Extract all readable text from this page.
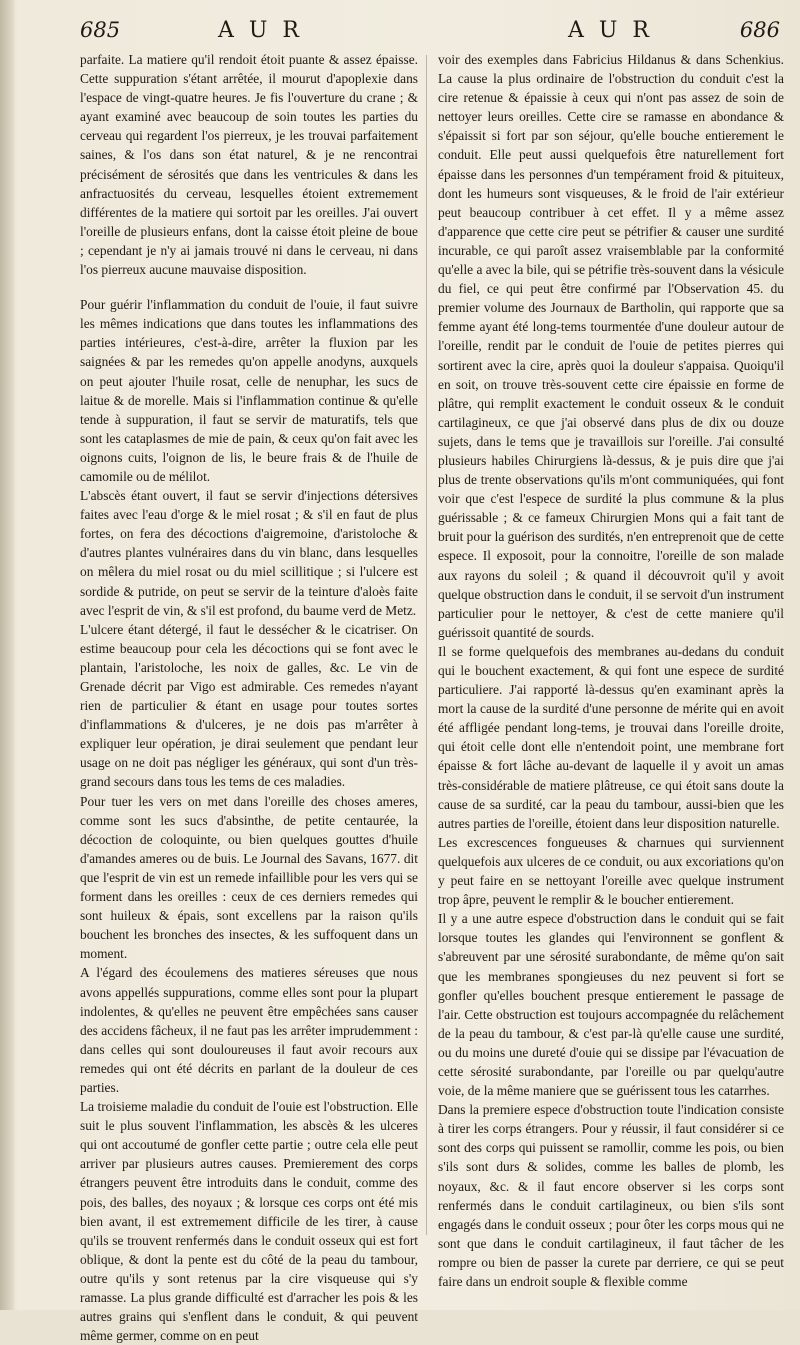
685	A U R	A U R	686

parfaite. La matiere qu'il rendoit étoit puante & assez épaisse. Cette suppuration s'étant arrêtée, il mourut d'apoplexie dans l'espace de vingt-quatre heures. Je fis l'ouverture du crane ; & ayant examiné avec beaucoup de soin toutes les parties du cerveau qui regardent l'os pierreux, je les trouvai parfaitement saines, & l'os dans son état naturel, & je ne rencontrai précisément de sérosités que dans les ventricules & dans les anfractuosités du cerveau, lesquelles étoient extremement différentes de la matiere qui sortoit par les oreilles. J'ai ouvert l'oreille de plusieurs enfans, dont la caisse étoit pleine de boue ; cependant je n'y ai jamais trouvé ni dans le cerveau, ni dans l'os pierreux aucune mauvaise disposition.

Pour guérir l'inflammation du conduit de l'ouie, il faut suivre les mêmes indications que dans toutes les inflammations des parties intérieures, c'est-à-dire, arrêter la fluxion par les saignées & par les remedes qu'on appelle anodyns, auxquels on peut ajouter l'huile rosat, celle de nenuphar, les sucs de laitue & de morelle. Mais si l'inflammation continue & qu'elle tende à suppuration, il faut se servir de maturatifs, tels que sont les cataplasmes de mie de pain, & ceux qu'on fait avec les oignons cuits, l'oignon de lis, le beure frais & de l'huile de camomile ou de mélilot.

L'abscès étant ouvert, il faut se servir d'injections détersives faites avec l'eau d'orge & le miel rosat ; & s'il en faut de plus fortes, on fera des décoctions d'aigremoine, d'aristoloche & d'autres plantes vulnéraires dans du vin blanc, dans lesquelles on mêlera du miel rosat ou du miel scillitique ; si l'ulcere est sordide & putride, on peut se servir de la teinture d'aloès faite avec l'esprit de vin, & s'il est profond, du baume verd de Metz.

L'ulcere étant détergé, il faut le dessécher & le cicatriser. On estime beaucoup pour cela les décoctions qui se font avec le plantain, l'aristoloche, les noix de galles, &c. Le vin de Grenade décrit par Vigo est admirable. Ces remedes n'ayant rien de particulier & étant en usage pour toutes sortes d'inflammations & d'ulceres, je ne dois pas m'arrêter à expliquer leur opération, je dirai seulement que pendant leur usage on ne doit pas négliger les généraux, qui sont d'un très-grand secours dans tous les tems de ces maladies.

Pour tuer les vers on met dans l'oreille des choses ameres, comme sont les sucs d'absinthe, de petite centaurée, la décoction de coloquinte, ou bien quelques gouttes d'huile d'amandes ameres ou de buis. Le Journal des Savans, 1677. dit que l'esprit de vin est un remede infaillible pour les vers qui se forment dans les oreilles : ceux de ces derniers remedes qui sont huileux & épais, sont excellens par la raison qu'ils bouchent les bronches des insectes, & les suffoquent dans un moment.

A l'égard des écoulemens des matieres séreuses que nous avons appellés suppurations, comme elles sont pour la plupart indolentes, & qu'elles ne peuvent être empêchées sans causer des accidens fâcheux, il ne faut pas les arrêter imprudemment : dans celles qui sont douloureuses il faut avoir recours aux remedes qui ont été décrits en parlant de la douleur de ces parties.

La troisieme maladie du conduit de l'ouie est l'obstruction. Elle suit le plus souvent l'inflammation, les abscès & les ulceres qui ont accoutumé de gonfler cette partie ; outre cela elle peut arriver par plusieurs autres causes. Premierement des corps étrangers peuvent être introduits dans le conduit, comme des pois, des balles, des noyaux ; & lorsque ces corps ont été mis bien avant, il est extremement difficile de les tirer, à cause qu'ils se trouvent renfermés dans le conduit osseux qui est fort oblique, & dont la pente est du côté de la peau du tambour, outre qu'ils y sont retenus par la cire visqueuse qui s'y ramasse. La plus grande difficulté est d'arracher les pois & les autres grains qui s'enflent dans le conduit, & qui peuvent même germer, comme on en peut

voir des exemples dans Fabricius Hildanus & dans Schenkius. La cause la plus ordinaire de l'obstruction du conduit c'est la cire retenue & épaissie à ceux qui n'ont pas assez de soin de nettoyer leurs oreilles. Cette cire se ramasse en abondance & s'épaissit si fort par son séjour, qu'elle bouche entierement le conduit. Elle peut aussi quelquefois être naturellement fort épaisse dans les personnes d'un tempérament froid & pituiteux, dont les humeurs sont visqueuses, & le froid de l'air extérieur peut beaucoup contribuer à cet effet. Il y a même assez d'apparence que cette cire peut se pétrifier & causer une surdité incurable, ce qui paroît assez vraisemblable par la conformité qu'elle a avec la bile, qui se pétrifie très-souvent dans la vésicule du fiel, ce qui peut être confirmé par l'Observation 45. du premier volume des Journaux de Bartholin, qui rapporte que sa femme ayant été long-tems tourmentée d'une douleur autour de l'oreille, rendit par le conduit de l'ouie de petites pierres qui sortirent avec la cire, après quoi la douleur s'appaisa. Quoiqu'il en soit, on trouve très-souvent cette cire épaissie en forme de plâtre, qui remplit exactement le conduit osseux & le conduit cartilagineux, ce que j'ai observé dans plus de dix ou douze sujets, dans le tems que je travaillois sur l'oreille. J'ai consulté plusieurs habiles Chirurgiens là-dessus, & je puis dire que j'ai plus de trente observations qu'ils m'ont communiquées, qui font voir que c'est l'espece de surdité la plus commune & la plus guérissable ; & ce fameux Chirurgien Mons qui a fait tant de bruit pour la guérison des surdités, n'en entreprenoit que de cette espece. Il exposoit, pour la connoitre, l'oreille de son malade aux rayons du soleil ; & quand il découvroit qu'il y avoit quelque obstruction dans le conduit, il se servoit d'un instrument particulier pour le nettoyer, & c'est de cette maniere qu'il guérissoit quantité de sourds.

Il se forme quelquefois des membranes au-dedans du conduit qui le bouchent exactement, & qui font une espece de surdité particuliere. J'ai rapporté là-dessus qu'en examinant après la mort la cause de la surdité d'une personne de mérite qui en avoit été affligée pendant long-tems, je trouvai dans l'oreille droite, qui étoit celle dont elle n'entendoit point, une membrane fort épaisse & fort lâche au-devant de laquelle il y avoit un amas très-considérable de matiere plâtreuse, ce qui étoit sans doute la cause de sa surdité, car la peau du tambour, aussi-bien que les autres parties de l'oreille, étoient dans leur disposition naturelle.

Les excrescences fongueuses & charnues qui surviennent quelquefois aux ulceres de ce conduit, ou aux excoriations qu'on y peut faire en se nettoyant l'oreille avec quelque instrument trop âpre, peuvent le remplir & le boucher entierement.

Il y a une autre espece d'obstruction dans le conduit qui se fait lorsque toutes les glandes qui l'environnent se gonflent & s'abreuvent par une sérosité surabondante, de même qu'on sait que les membranes spongieuses du nez peuvent si fort se gonfler qu'elles bouchent presque entierement le passage de l'air. Cette obstruction est toujours accompagnée du relâchement de la peau du tambour, & c'est par-là qu'elle cause une surdité, ou du moins une dureté d'ouie qui se dissipe par l'évacuation de cette sérosité surabondante, par l'oreille ou par quelqu'autre voie, de la même maniere que se guérissent tous les catarrhes.

Dans la premiere espece d'obstruction toute l'indication consiste à tirer les corps étrangers. Pour y réussir, il faut considérer si ce sont des corps qui puissent se ramollir, comme les pois, ou bien s'ils sont durs & solides, comme les balles de plomb, les noyaux, &c. & il faut encore observer si les corps sont renfermés dans le conduit cartilagineux, ou bien s'ils sont engagés dans le conduit osseux ; pour ôter les corps mous qui ne sont que dans le conduit cartilagineux, il faut tâcher de les rompre ou bien de passer la curete par derriere, ce qui se peut faire dans un endroit souple & flexible comme
